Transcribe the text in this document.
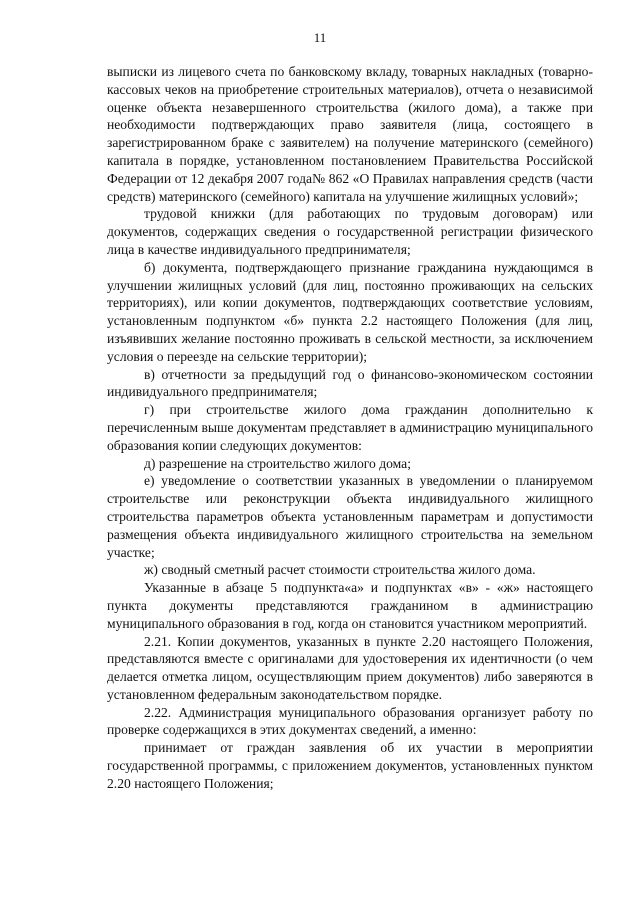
11

выписки из лицевого счета по банковскому вкладу, товарных накладных (товарно-кассовых чеков на приобретение строительных материалов), отчета о независимой оценке объекта незавершенного строительства (жилого дома), а также при необходимости подтверждающих право заявителя (лица, состоящего в зарегистрированном браке с заявителем) на получение материнского (семейного) капитала в порядке, установленном постановлением Правительства Российской Федерации от 12 декабря 2007 года№ 862 «О Правилах направления средств (части средств) материнского (семейного) капитала на улучшение жилищных условий»;

трудовой книжки (для работающих по трудовым договорам) или документов, содержащих сведения о государственной регистрации физического лица в качестве индивидуального предпринимателя;

б) документа, подтверждающего признание гражданина нуждающимся в улучшении жилищных условий (для лиц, постоянно проживающих на сельских территориях), или копии документов, подтверждающих соответствие условиям, установленным подпунктом «б» пункта 2.2 настоящего Положения (для лиц, изъявивших желание постоянно проживать в сельской местности, за исключением условия о переезде на сельские территории);

в) отчетности за предыдущий год о финансово-экономическом состоянии индивидуального предпринимателя;

г) при строительстве жилого дома гражданин дополнительно к перечисленным выше документам представляет в администрацию муниципального образования копии следующих документов:

д) разрешение на строительство жилого дома;

е) уведомление о соответствии указанных в уведомлении о планируемом строительстве или реконструкции объекта индивидуального жилищного строительства параметров объекта установленным параметрам и допустимости размещения объекта индивидуального жилищного строительства на земельном участке;

ж) сводный сметный расчет стоимости строительства жилого дома.

Указанные в абзаце 5 подпункта«а» и подпунктах «в» - «ж» настоящего пункта документы представляются гражданином в администрацию муниципального образования в год, когда он становится участником мероприятий.

2.21. Копии документов, указанных в пункте 2.20 настоящего Положения, представляются вместе с оригиналами для удостоверения их идентичности (о чем делается отметка лицом, осуществляющим прием документов) либо заверяются в установленном федеральным законодательством порядке.

2.22. Администрация муниципального образования организует работу по проверке содержащихся в этих документах сведений, а именно:

принимает от граждан заявления об их участии в мероприятии государственной программы, с приложением документов, установленных пунктом 2.20 настоящего Положения;
